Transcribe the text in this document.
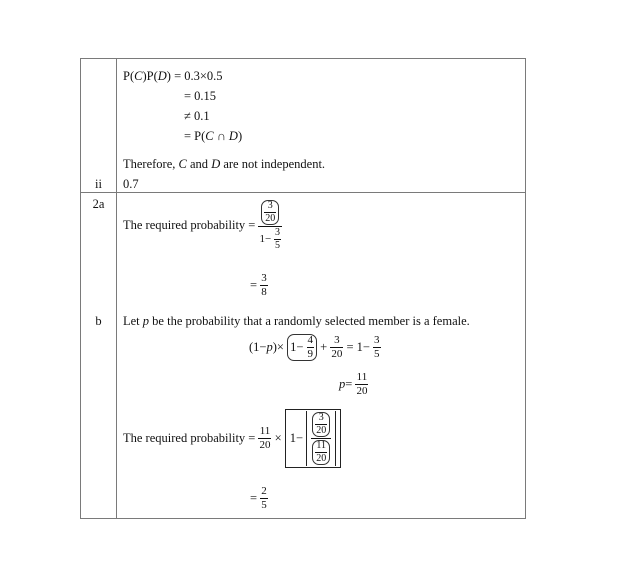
P(C)P(D) = 0.3×0.5
= 0.15
≠ 0.1
= P(C ∩ D)
Therefore, C and D are not independent.
ii	0.7
2a
The required probability = $\frac{\frac{3}{20}}{1- \frac{3}{5}}$
= $\frac{3}{8}$
b	Let p be the probability that a randomly selected member is a female.
$(1-p)\times 1- \frac{4}{9} + \frac{3}{20} = 1- \frac{3}{5}$
$p= \frac{11}{20}$
The required probability = $\frac{11}{20} \times 1- \frac{\frac{3}{20}}{\frac{11}{20}}$
= $\frac{2}{5}$
